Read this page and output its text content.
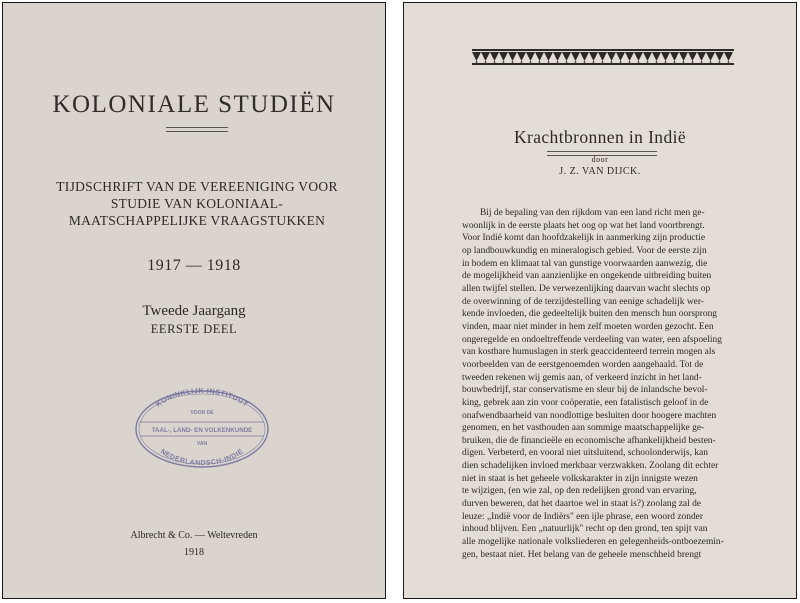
KOLONIALE STUDIËN
TIJDSCHRIFT VAN DE VEREENIGING VOOR
STUDIE VAN KOLONIAAL-
MAATSCHAPPELIJKE VRAAGSTUKKEN
1917 — 1918
Tweede Jaargang
EERSTE DEEL
KONINKLIJK INSTITUUT
VOOR DE
TAAL-, LAND- EN VOLKENKUNDE
VAN
NEDERLANDSCH-INDIË
Albrecht & Co. — Weltevreden
1918
Krachtbronnen in Indië
door
J. Z. VAN DIJCK.
Bij de bepaling van den rijkdom van een land richt men ge-
woonlijk in de eerste plaats het oog op wat het land voortbrengt.
Voor Indië komt dan hoofdzakelijk in aanmerking zijn productie
op landbouwkundig en mineralogisch gebied. Voor de eerste zijn
in bodem en klimaat tal van gunstige voorwaarden aanwezig, die
de mogelijkheid van aanzienlijke en ongekende uitbreiding buiten
allen twijfel stellen. De verwezenlijking daarvan wacht slechts op
de overwinning of de terzijdestelling van eenige schadelijk wer-
kende invloeden, die gedeeltelijk buiten den mensch hun oorsprong
vinden, maar niet minder in hem zelf moeten worden gezocht. Een
ongeregelde en ondoeltreffende verdeeling van water, een afspoeling
van kostbare humuslagen in sterk geaccidenteerd terrein mogen als
voorbeelden van de eerstgenoemden worden aangehaald. Tot de
tweeden rekenen wij gemis aan, of verkeerd inzicht in het land-
bouwbedrijf, star conservatisme en sleur bij de inlandsche bevol-
king, gebrek aan zin voor coöperatie, een fatalistisch geloof in de
onafwendbaarheid van noodlottige besluiten door hoogere machten
genomen, en het vasthouden aan sommige maatschappelijke ge-
bruiken, die de financieële en economische afhankelijkheid besten-
digen. Verbeterd, en vooral niet uitsluitend, schoolonderwijs, kan
dien schadelijken invloed merkbaar verzwakken. Zoolang dit echter
niet in staat is het geheele volkskarakter in zijn innigste wezen
te wijzigen, (en wie zal, op den redelijken grond van ervaring,
durven beweren, dat het daartoe wel in staat is?) zoolang zal de
leuze: „Indië voor de Indiërs" een ijle phrase, een woord zonder
inhoud blijven. Een „natuurlijk" recht op den grond, ten spijt van
alle mogelijke nationale volksliederen en gelegenheids-ontboezemin-
gen, bestaat niet. Het belang van de geheele menschheid brengt
